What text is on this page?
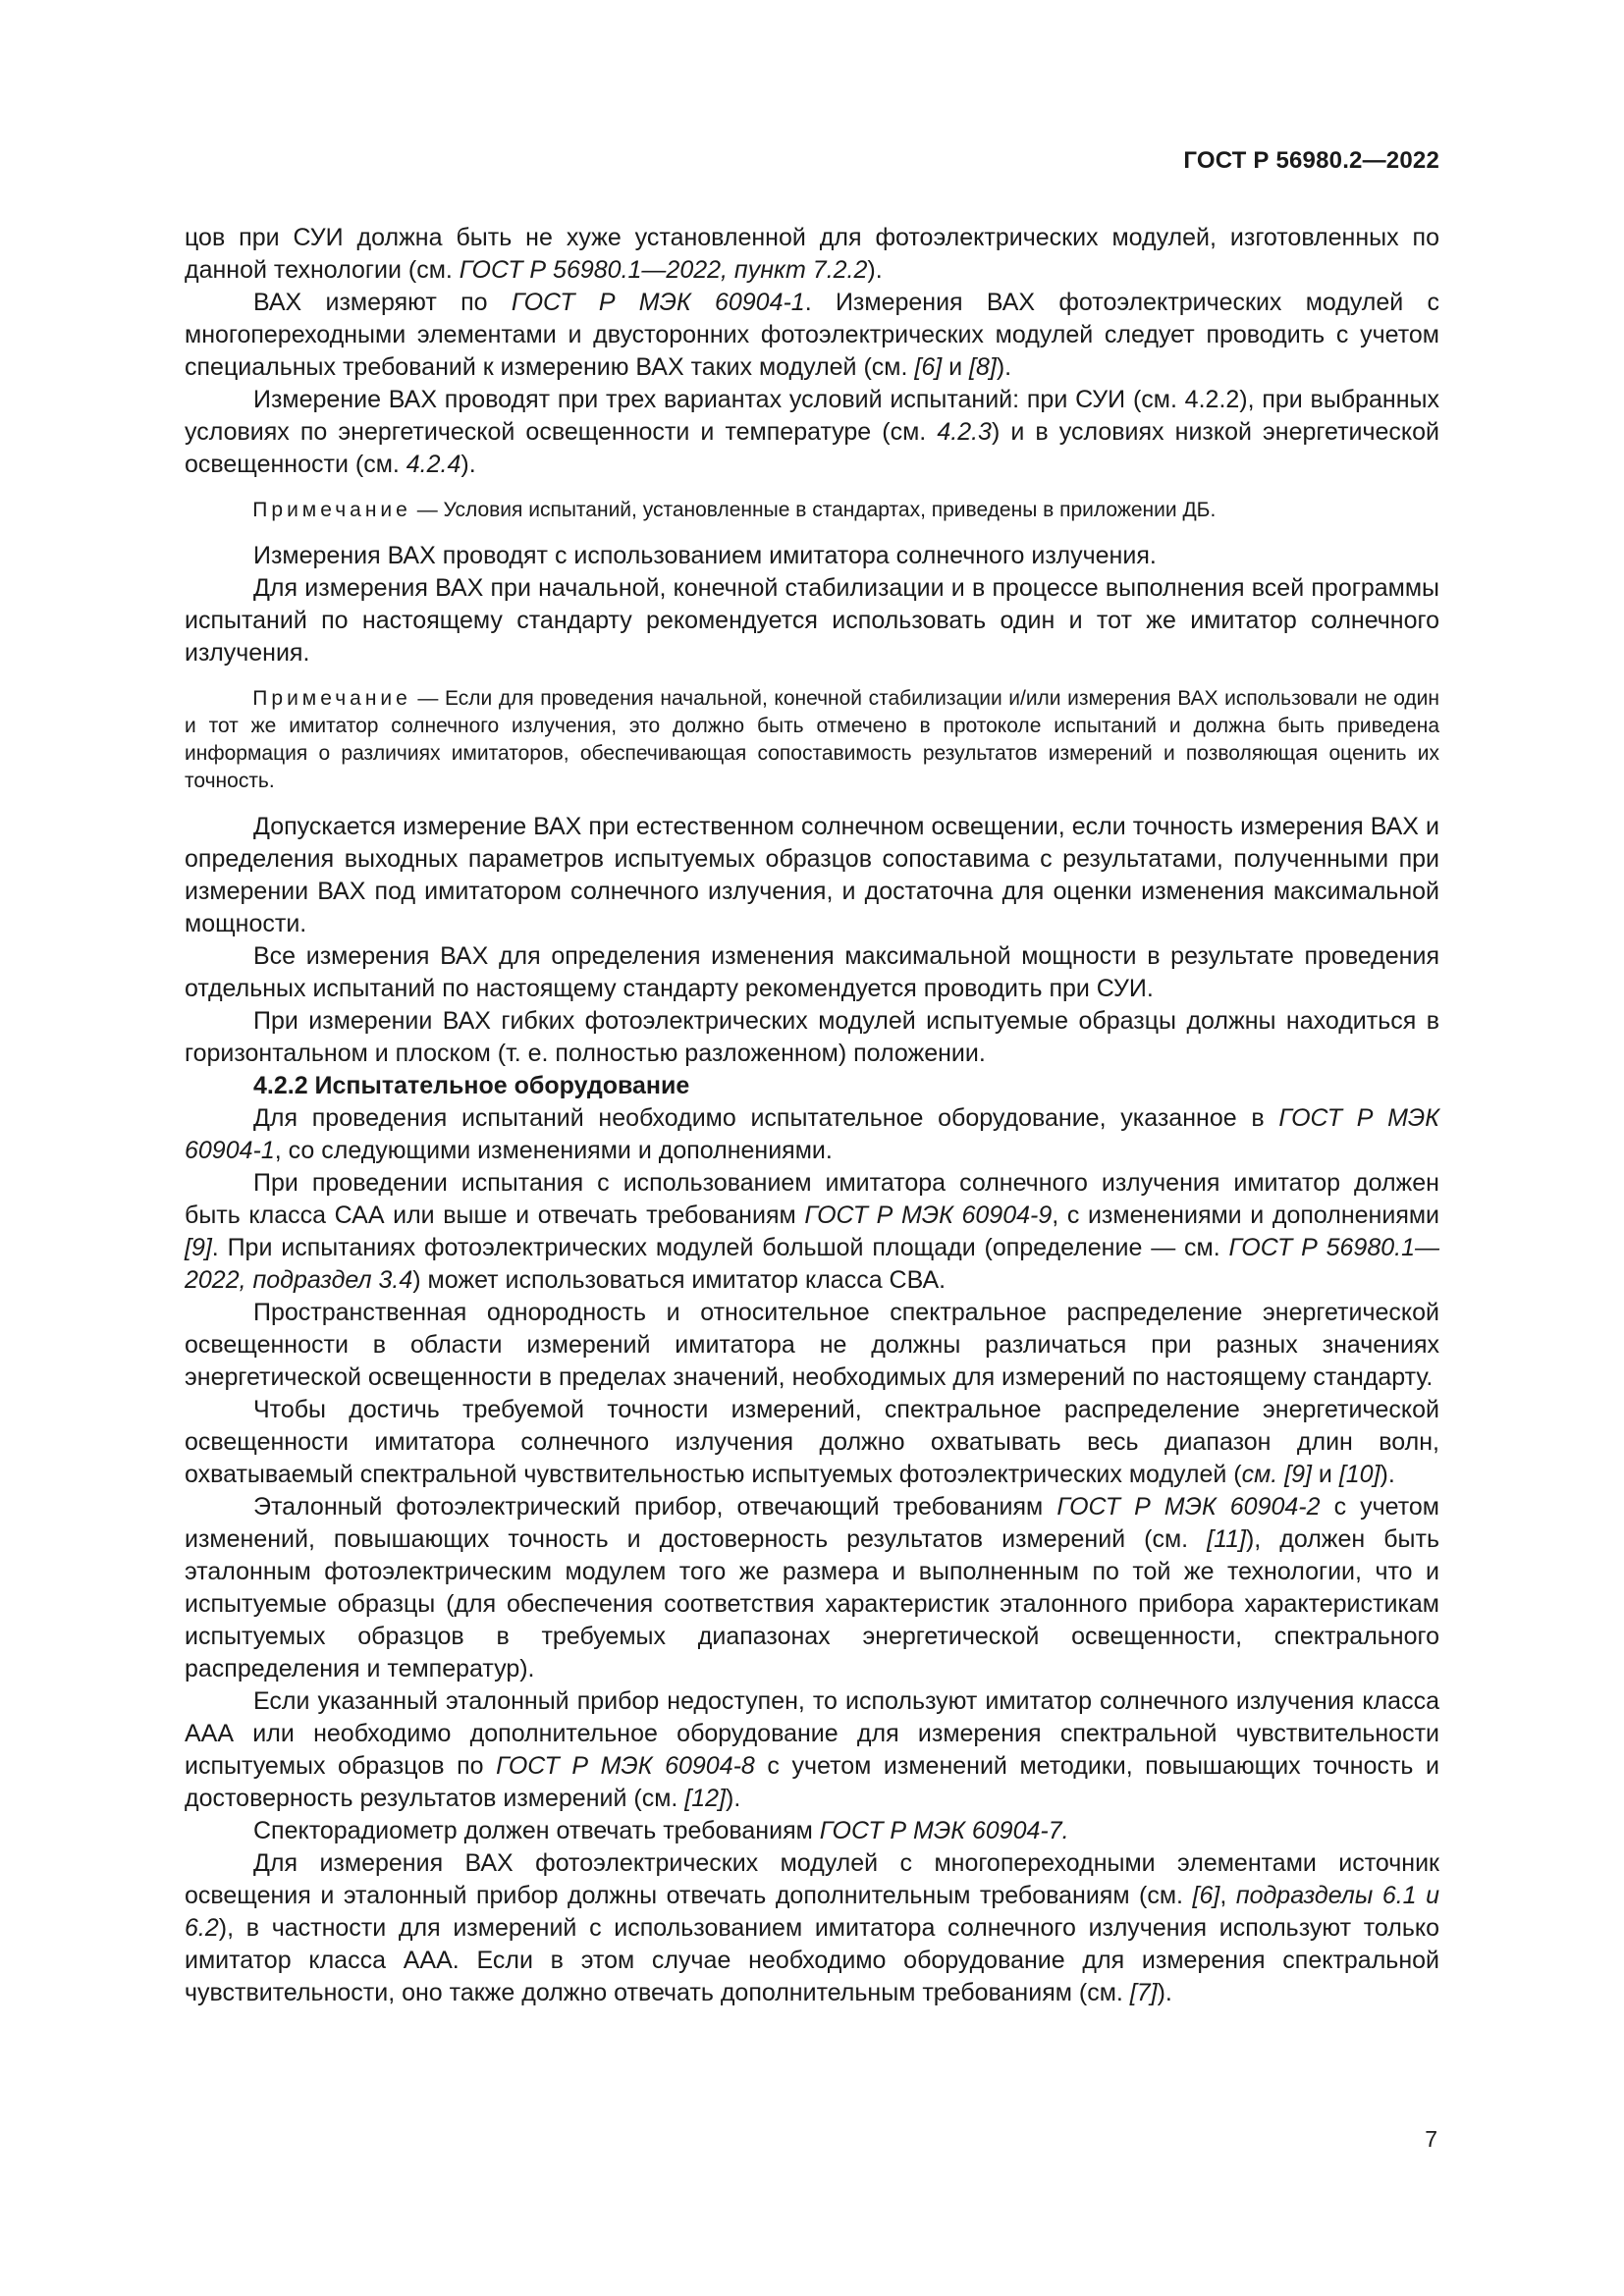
ГОСТ Р 56980.2—2022

цов при СУИ должна быть не хуже установленной для фотоэлектрических модулей, изготовленных по данной технологии (см. ГОСТ Р 56980.1—2022, пункт 7.2.2).

ВАХ измеряют по ГОСТ Р МЭК 60904-1. Измерения ВАХ фотоэлектрических модулей с многопереходными элементами и двусторонних фотоэлектрических модулей следует проводить с учетом специальных требований к измерению ВАХ таких модулей (см. [6] и [8]).

Измерение ВАХ проводят при трех вариантах условий испытаний: при СУИ (см. 4.2.2), при выбранных условиях по энергетической освещенности и температуре (см. 4.2.3) и в условиях низкой энергетической освещенности (см. 4.2.4).

Примечание — Условия испытаний, установленные в стандартах, приведены в приложении ДБ.

Измерения ВАХ проводят с использованием имитатора солнечного излучения.

Для измерения ВАХ при начальной, конечной стабилизации и в процессе выполнения всей программы испытаний по настоящему стандарту рекомендуется использовать один и тот же имитатор солнечного излучения.

Примечание — Если для проведения начальной, конечной стабилизации и/или измерения ВАХ использовали не один и тот же имитатор солнечного излучения, это должно быть отмечено в протоколе испытаний и должна быть приведена информация о различиях имитаторов, обеспечивающая сопоставимость результатов измерений и позволяющая оценить их точность.

Допускается измерение ВАХ при естественном солнечном освещении, если точность измерения ВАХ и определения выходных параметров испытуемых образцов сопоставима с результатами, полученными при измерении ВАХ под имитатором солнечного излучения, и достаточна для оценки изменения максимальной мощности.

Все измерения ВАХ для определения изменения максимальной мощности в результате проведения отдельных испытаний по настоящему стандарту рекомендуется проводить при СУИ.

При измерении ВАХ гибких фотоэлектрических модулей испытуемые образцы должны находиться в горизонтальном и плоском (т. е. полностью разложенном) положении.

4.2.2 Испытательное оборудование

Для проведения испытаний необходимо испытательное оборудование, указанное в ГОСТ Р МЭК 60904-1, со следующими изменениями и дополнениями.

При проведении испытания с использованием имитатора солнечного излучения имитатор должен быть класса САА или выше и отвечать требованиям ГОСТ Р МЭК 60904-9, с изменениями и дополнениями [9]. При испытаниях фотоэлектрических модулей большой площади (определение — см. ГОСТ Р 56980.1—2022, подраздел 3.4) может использоваться имитатор класса СВА.

Пространственная однородность и относительное спектральное распределение энергетической освещенности в области измерений имитатора не должны различаться при разных значениях энергетической освещенности в пределах значений, необходимых для измерений по настоящему стандарту.

Чтобы достичь требуемой точности измерений, спектральное распределение энергетической освещенности имитатора солнечного излучения должно охватывать весь диапазон длин волн, охватываемый спектральной чувствительностью испытуемых фотоэлектрических модулей (см. [9] и [10]).

Эталонный фотоэлектрический прибор, отвечающий требованиям ГОСТ Р МЭК 60904-2 с учетом изменений, повышающих точность и достоверность результатов измерений (см. [11]), должен быть эталонным фотоэлектрическим модулем того же размера и выполненным по той же технологии, что и испытуемые образцы (для обеспечения соответствия характеристик эталонного прибора характеристикам испытуемых образцов в требуемых диапазонах энергетической освещенности, спектрального распределения и температур).

Если указанный эталонный прибор недоступен, то используют имитатор солнечного излучения класса ААА или необходимо дополнительное оборудование для измерения спектральной чувствительности испытуемых образцов по ГОСТ Р МЭК 60904-8 с учетом изменений методики, повышающих точность и достоверность результатов измерений (см. [12]).

Спекторадиометр должен отвечать требованиям ГОСТ Р МЭК 60904-7.

Для измерения ВАХ фотоэлектрических модулей с многопереходными элементами источник освещения и эталонный прибор должны отвечать дополнительным требованиям (см. [6], подразделы 6.1 и 6.2), в частности для измерений с использованием имитатора солнечного излучения используют только имитатор класса ААА. Если в этом случае необходимо оборудование для измерения спектральной чувствительности, оно также должно отвечать дополнительным требованиям (см. [7]).

7
